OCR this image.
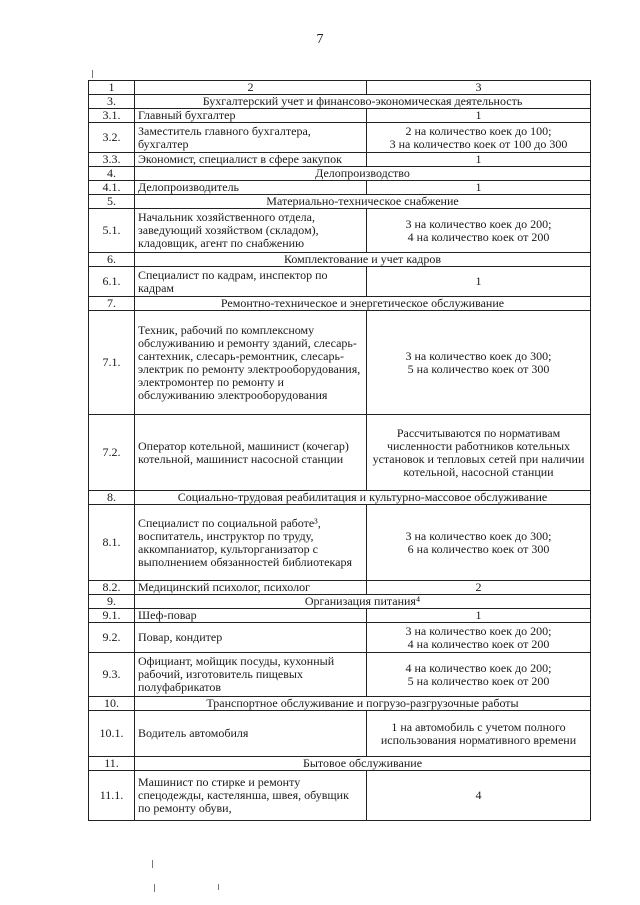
7
1	2	3
3.	Бухгалтерский учет и финансово-экономическая деятельность	
3.1.	Главный бухгалтер	1
3.2.	Заместитель главного бухгалтера, бухгалтер	2 на количество коек до 100;
3 на количество коек от 100 до 300
3.3.	Экономист, специалист в сфере закупок	1
4.	Делопроизводство	
4.1.	Делопроизводитель	1
5.	Материально-техническое снабжение	
5.1.	Начальник хозяйственного отдела, заведующий хозяйством (складом), кладовщик, агент по снабжению	3 на количество коек до 200;
4 на количество коек от 200
6.	Комплектование и учет кадров	
6.1.	Специалист по кадрам, инспектор по кадрам	1
7.	Ремонтно-техническое и энергетическое обслуживание	
7.1.	Техник, рабочий по комплексному обслуживанию и ремонту зданий, слесарь-сантехник, слесарь-ремонтник, слесарь-электрик по ремонту электрооборудования, электромонтер по ремонту и обслуживанию электрооборудования	3 на количество коек до 300;
5 на количество коек от 300
7.2.	Оператор котельной, машинист (кочегар) котельной, машинист насосной станции	Рассчитываются по нормативам численности работников котельных установок и тепловых сетей при наличии котельной, насосной станции
8.	Социально-трудовая реабилитация и культурно-массовое обслуживание	
8.1.	Специалист по социальной работе³, воспитатель, инструктор по труду, аккомпаниатор, культорганизатор с выполнением обязанностей библиотекаря	3 на количество коек до 300;
6 на количество коек от 300
8.2.	Медицинский психолог, психолог	2
9.	Организация питания⁴	
9.1.	Шеф-повар	1
9.2.	Повар, кондитер	3 на количество коек до 200;
4 на количество коек от 200
9.3.	Официант, мойщик посуды, кухонный рабочий, изготовитель пищевых полуфабрикатов	4 на количество коек до 200;
5 на количество коек от 200
10.	Транспортное обслуживание и погрузо-разгрузочные работы	
10.1.	Водитель автомобиля	1 на автомобиль с учетом полного использования нормативного времени
11.	Бытовое обслуживание	
11.1.	Машинист по стирке и ремонту спецодежды, кастелянша, швея, обувщик по ремонту обуви,	4
